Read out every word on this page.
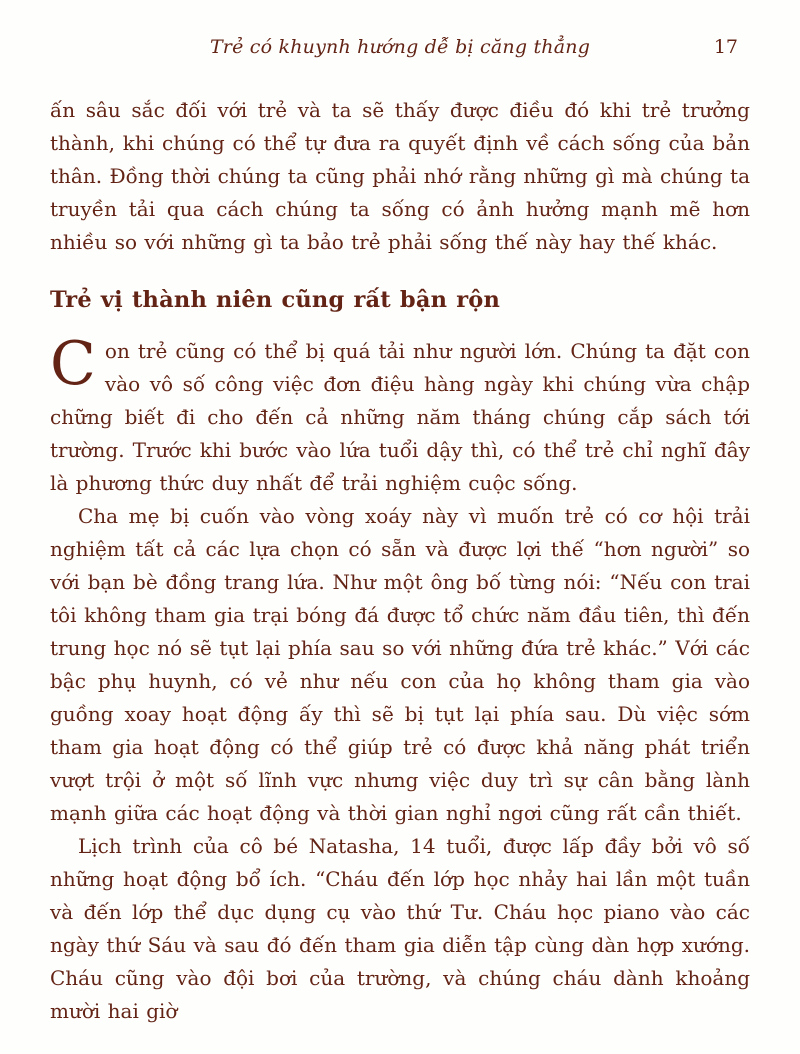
Trẻ có khuynh hướng dễ bị căng thẳng	17

ấn sâu sắc đối với trẻ và ta sẽ thấy được điều đó khi trẻ trưởng thành, khi chúng có thể tự đưa ra quyết định về cách sống của bản thân. Đồng thời chúng ta cũng phải nhớ rằng những gì mà chúng ta truyền tải qua cách chúng ta sống có ảnh hưởng mạnh mẽ hơn nhiều so với những gì ta bảo trẻ phải sống thế này hay thế khác.

Trẻ vị thành niên cũng rất bận rộn

Con trẻ cũng có thể bị quá tải như người lớn. Chúng ta đặt con vào vô số công việc đơn điệu hàng ngày khi chúng vừa chập chững biết đi cho đến cả những năm tháng chúng cắp sách tới trường. Trước khi bước vào lứa tuổi dậy thì, có thể trẻ chỉ nghĩ đây là phương thức duy nhất để trải nghiệm cuộc sống.

Cha mẹ bị cuốn vào vòng xoáy này vì muốn trẻ có cơ hội trải nghiệm tất cả các lựa chọn có sẵn và được lợi thế “hơn người” so với bạn bè đồng trang lứa. Như một ông bố từng nói: “Nếu con trai tôi không tham gia trại bóng đá được tổ chức năm đầu tiên, thì đến trung học nó sẽ tụt lại phía sau so với những đứa trẻ khác.” Với các bậc phụ huynh, có vẻ như nếu con của họ không tham gia vào guồng xoay hoạt động ấy thì sẽ bị tụt lại phía sau. Dù việc sớm tham gia hoạt động có thể giúp trẻ có được khả năng phát triển vượt trội ở một số lĩnh vực nhưng việc duy trì sự cân bằng lành mạnh giữa các hoạt động và thời gian nghỉ ngơi cũng rất cần thiết.

Lịch trình của cô bé Natasha, 14 tuổi, được lấp đầy bởi vô số những hoạt động bổ ích. “Cháu đến lớp học nhảy hai lần một tuần và đến lớp thể dục dụng cụ vào thứ Tư. Cháu học piano vào các ngày thứ Sáu và sau đó đến tham gia diễn tập cùng dàn hợp xướng. Cháu cũng vào đội bơi của trường, và chúng cháu dành khoảng mười hai giờ
